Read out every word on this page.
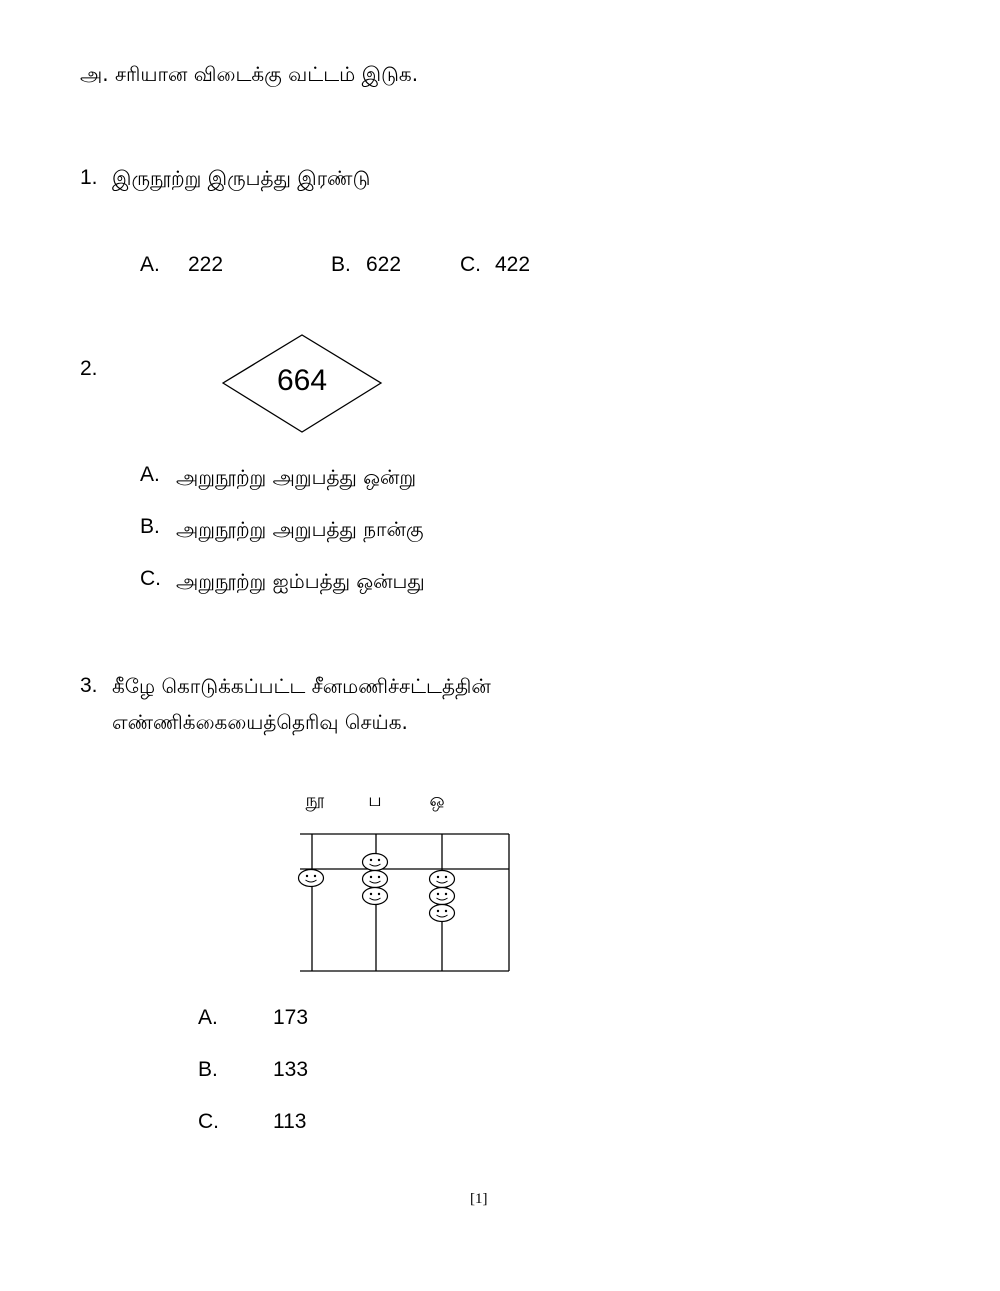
அ. சரியான விடைக்கு வட்டம் இடுக.
1. இருநூற்று இருபத்து இரண்டு
A. 222	B. 622	C. 422
2.	664
A. அறுநூற்று அறுபத்து ஒன்று
B. அறுநூற்று அறுபத்து நான்கு
C. அறுநூற்று ஐம்பத்து ஒன்பது
3. கீழே கொடுக்கப்பட்ட சீனமணிச்சட்டத்தின்
எண்ணிக்கையைத்தெரிவு செய்க.
நூ	ப	ஒ
A.	173
B.	133
C.	113
[1]
